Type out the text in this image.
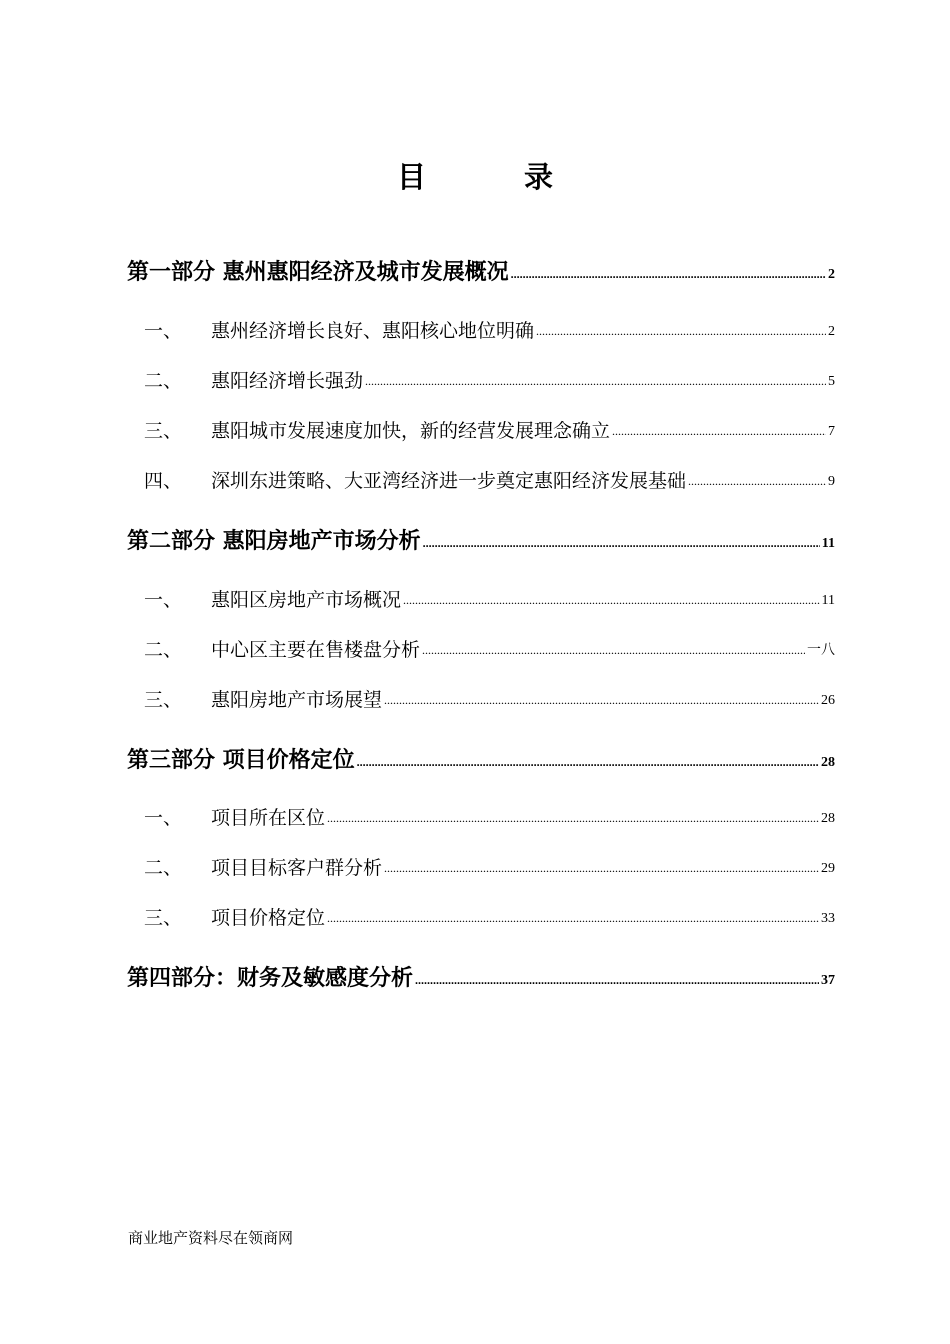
目 录
第一部分 惠州惠阳经济及城市发展概况 .....	2
一、	惠州经济增长良好、惠阳核心地位明确 .....	2
二、	惠阳经济增长强劲 .....	5
三、	惠阳城市发展速度加快，新的经营发展理念确立 .....	7
四、	深圳东进策略、大亚湾经济进一步奠定惠阳经济发展基础 .....	9
第二部分 惠阳房地产市场分析 .....	11
一、	惠阳区房地产市场概况 .....	11
二、	中心区主要在售楼盘分析 .....	一八
三、	惠阳房地产市场展望 .....	26
第三部分 项目价格定位 .....	28
一、	项目所在区位 .....	28
二、	项目目标客户群分析 .....	29
三、	项目价格定位 .....	33
第四部分：财务及敏感度分析 .....	37
商业地产资料尽在领商网
